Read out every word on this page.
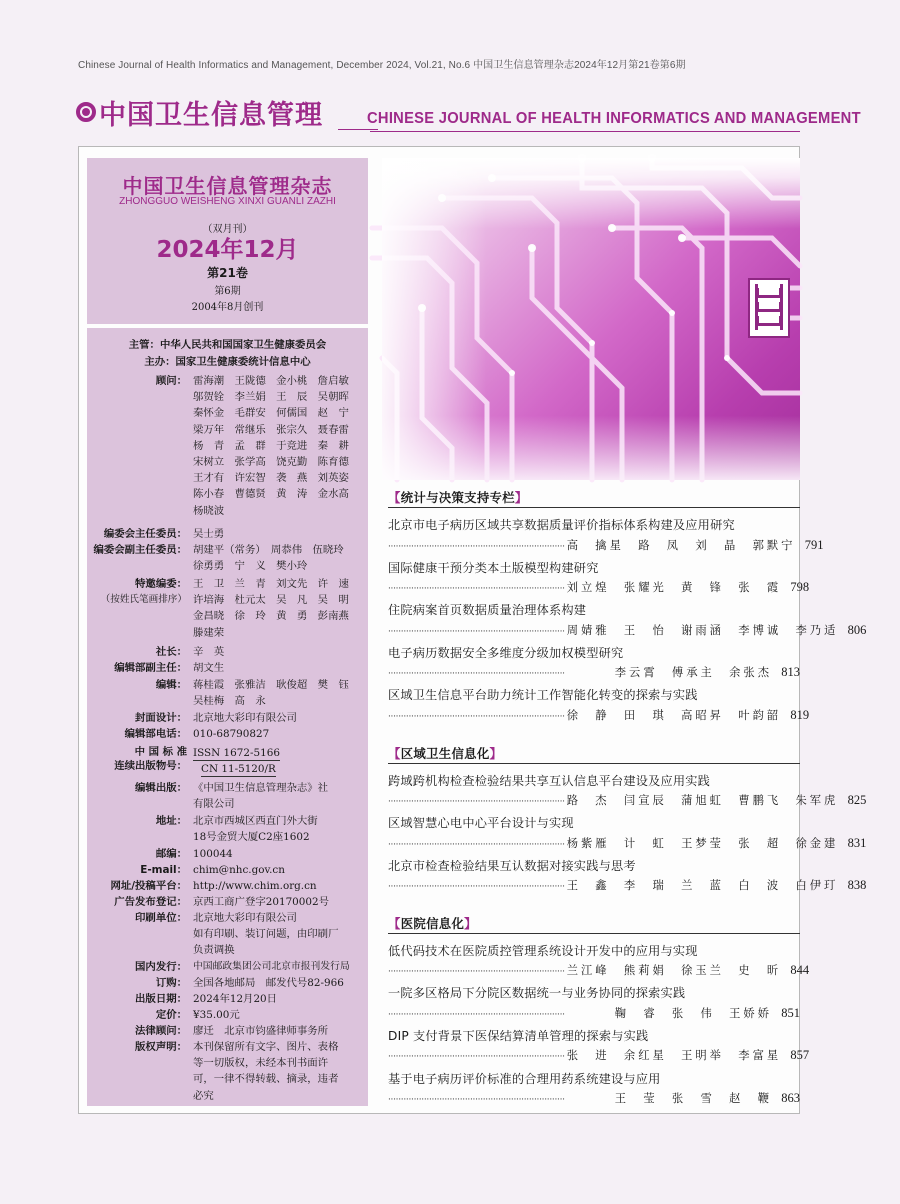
Chinese Journal of Health Informatics and Management, December 2024, Vol.21, No.6 中国卫生信息管理杂志2024年12月第21卷第6期
中国卫生信息管理	CHINESE JOURNAL OF HEALTH INFORMATICS AND MANAGEMENT
中国卫生信息管理杂志
ZHONGGUO WEISHENG XINXI GUANLI ZAZHI
（双月刊）
2024年12月
第21卷
第6期
2004年8月创刊
主管：中华人民共和国国家卫生健康委员会
主办：国家卫生健康委统计信息中心
顾问： 雷海潮　王陇德　金小桃　詹启敏
邬贺铨　李兰娟　王　辰　吴朝晖
秦怀金　毛群安　何儒国　赵　宁
梁万年　常继乐　张宗久　聂春雷
杨　青　孟　群　于竞进　秦　耕
宋树立　张学高　饶克勤　陈育德
王才有　许宏智　袭　燕　刘英姿
陈小春　曹德贤　黄　涛　金水高
杨晓波
编委会主任委员： 吴士勇
编委会副主任委员： 胡建平（常务）　周恭伟　伍晓玲
徐勇勇　宁　义　樊小玲
特邀编委：
（按姓氏笔画排序）
王　卫　兰　青　刘文先　许　速
许培海　杜元太　吴　凡　吴　明
金昌晓　徐　玲　黄　勇　彭南燕
滕建荣
社长： 辛　英
编辑部副主任： 胡文生
编辑： 蒋桂霞　张雅洁　耿俊超　樊　钰
吴桂梅　高　永
封面设计： 北京地大彩印有限公司
编辑部电话： 010-68790827
中 国 标 准
连续出版物号：
ISSN 1672-5166
CN 11-5120/R
编辑出版： 《中国卫生信息管理杂志》社
有限公司
地址： 北京市西城区西直门外大街
18号金贸大厦C2座1602
邮编： 100044
E-mail： chim@nhc.gov.cn
网址/投稿平台： http://www.chim.org.cn
广告发布登记： 京西工商广登字20170002号
印刷单位： 北京地大彩印有限公司
如有印刷、装订问题，由印刷厂
负责调换
国内发行： 中国邮政集团公司北京市报刊发行局
订购： 全国各地邮局　邮发代号82-966
出版日期： 2024年12月20日
定价： ¥35.00元
法律顾问： 廖迁　北京市钧盛律师事务所
版权声明： 本刊保留所有文字、图片、表格
等一切版权，未经本刊书面许
可，一律不得转载、摘录，违者
必究
【统计与决策支持专栏】
北京市电子病历区域共享数据质量评价指标体系构建及应用研究
····································································· 高　擒星　路　凤　刘　晶　郭默宁 791
国际健康干预分类本土版模型构建研究
····································································· 刘立煌　张耀光　黄　锋　张　霞 798
住院病案首页数据质量治理体系构建
····································································· 周婧雅　王　怡　谢雨涵　李博诚　李乃适 806
电子病历数据安全多维度分级加权模型研究
·····································································	李云霄　傅承主　余张杰 813
区域卫生信息平台助力统计工作智能化转变的探索与实践
····································································· 徐　静　田　琪　高昭昇　叶韵韶 819
【区域卫生信息化】
跨域跨机构检查检验结果共享互认信息平台建设及应用实践
····································································· 路　杰　闫宣辰　蒲旭虹　曹鹏飞　朱军虎 825
区域智慧心电中心平台设计与实现
····································································· 杨紫雁　计　虹　王梦莹　张　超　徐金建 831
北京市检查检验结果互认数据对接实践与思考
····································································· 王　鑫　李　瑞　兰　蓝　白　波　白伊玎 838
【医院信息化】
低代码技术在医院质控管理系统设计开发中的应用与实现
····································································· 兰江峰　熊莉娟　徐玉兰　史　昕 844
一院多区格局下分院区数据统一与业务协同的探索实践
·····································································	鞠　睿　张　伟　王娇娇 851
DIP 支付背景下医保结算清单管理的探索与实践
····································································· 张　进　余红星　王明举　李富星 857
基于电子病历评价标准的合理用药系统建设与应用
·····································································	王　莹　张　雪　赵　鞭 863
